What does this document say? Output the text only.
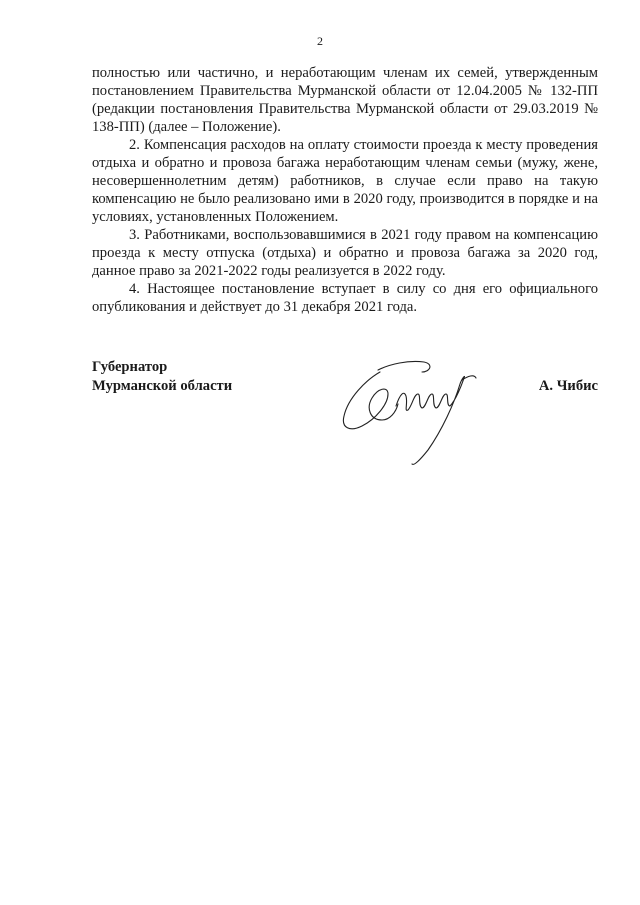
2

полностью или частично, и неработающим членам их семей, утвержденным постановлением Правительства Мурманской области от 12.04.2005 № 132-ПП (редакции постановления Правительства Мурманской области от 29.03.2019 № 138-ПП) (далее – Положение).

2. Компенсация расходов на оплату стоимости проезда к месту проведения отдыха и обратно и провоза багажа неработающим членам семьи (мужу, жене, несовершеннолетним детям) работников, в случае если право на такую компенсацию не было реализовано ими в 2020 году, производится в порядке и на условиях, установленных Положением.

3. Работниками, воспользовавшимися в 2021 году правом на компенсацию проезда к месту отпуска (отдыха) и обратно и провоза багажа за 2020 год, данное право за 2021-2022 годы реализуется в 2022 году.

4. Настоящее постановление вступает в силу со дня его официального опубликования и действует до 31 декабря 2021 года.

Губернатор
Мурманской области	А. Чибис
